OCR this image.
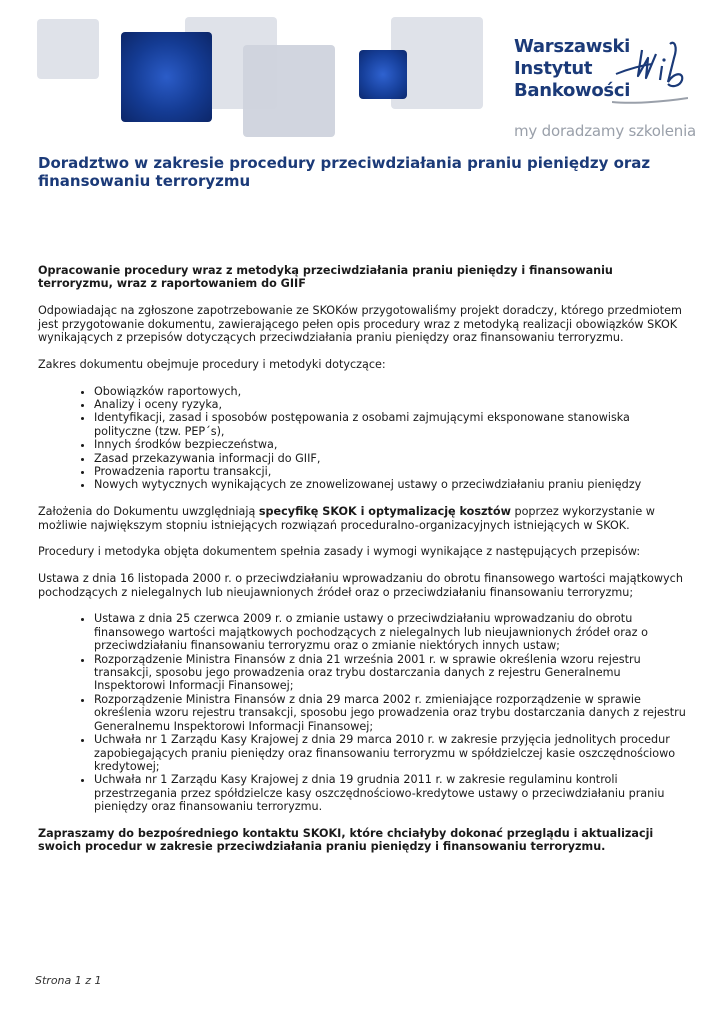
Warszawski
Instytut
Bankowości
my doradzamy szkolenia
Doradztwo w zakresie procedury przeciwdziałania praniu pieniędzy oraz finansowaniu terroryzmu

Opracowanie procedury wraz z metodyką przeciwdziałania praniu pieniędzy i finansowaniu terroryzmu, wraz z raportowaniem do GIIF

Odpowiadając na zgłoszone zapotrzebowanie ze SKOKów przygotowaliśmy projekt doradczy, którego przedmiotem jest przygotowanie dokumentu, zawierającego pełen opis procedury wraz z metodyką realizacji obowiązków SKOK wynikających z przepisów dotyczących przeciwdziałania praniu pieniędzy oraz finansowaniu terroryzmu.

Zakres dokumentu obejmuje procedury i metodyki dotyczące:

• Obowiązków raportowych,
• Analizy i oceny ryzyka,
• Identyfikacji, zasad i sposobów postępowania z osobami zajmującymi eksponowane stanowiska polityczne (tzw. PEP´s),
• Innych środków bezpieczeństwa,
• Zasad przekazywania informacji do GIIF,
• Prowadzenia raportu transakcji,
• Nowych wytycznych wynikających ze znowelizowanej ustawy o przeciwdziałaniu praniu pieniędzy

Założenia do Dokumentu uwzględniają specyfikę SKOK i optymalizację kosztów poprzez wykorzystanie w możliwie największym stopniu istniejących rozwiązań proceduralno-organizacyjnych istniejących w SKOK.

Procedury i metodyka objęta dokumentem spełnia zasady i wymogi wynikające z następujących przepisów:

Ustawa z dnia 16 listopada 2000 r. o przeciwdziałaniu wprowadzaniu do obrotu finansowego wartości majątkowych pochodzących z nielegalnych lub nieujawnionych źródeł oraz o przeciwdziałaniu finansowaniu terroryzmu;

• Ustawa z dnia 25 czerwca 2009 r. o zmianie ustawy o przeciwdziałaniu wprowadzaniu do obrotu finansowego wartości majątkowych pochodzących z nielegalnych lub nieujawnionych źródeł oraz o przeciwdziałaniu finansowaniu terroryzmu oraz o zmianie niektórych innych ustaw;
• Rozporządzenie Ministra Finansów z dnia 21 września 2001 r. w sprawie określenia wzoru rejestru transakcji, sposobu jego prowadzenia oraz trybu dostarczania danych z rejestru Generalnemu Inspektorowi Informacji Finansowej;
• Rozporządzenie Ministra Finansów z dnia 29 marca 2002 r. zmieniające rozporządzenie w sprawie określenia wzoru rejestru transakcji, sposobu jego prowadzenia oraz trybu dostarczania danych z rejestru Generalnemu Inspektorowi Informacji Finansowej;
• Uchwała nr 1 Zarządu Kasy Krajowej z dnia 29 marca 2010 r. w zakresie przyjęcia jednolitych procedur zapobiegających praniu pieniędzy oraz finansowaniu terroryzmu w spółdzielczej kasie oszczędnościowo kredytowej;
• Uchwała nr 1 Zarządu Kasy Krajowej z dnia 19 grudnia 2011 r. w zakresie regulaminu kontroli przestrzegania przez spółdzielcze kasy oszczędnościowo-kredytowe ustawy o przeciwdziałaniu praniu pieniędzy oraz finansowaniu terroryzmu.

Zapraszamy do bezpośredniego kontaktu SKOKI, które chciałyby dokonać przeglądu i aktualizacji swoich procedur w zakresie przeciwdziałania praniu pieniędzy i finansowaniu terroryzmu.

Strona 1 z 1
